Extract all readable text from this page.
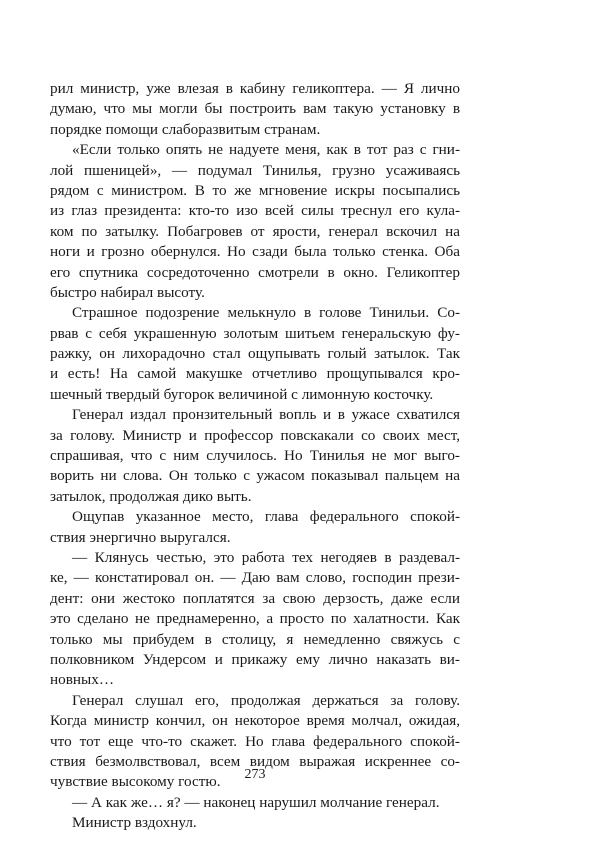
рил министр, уже влезая в кабину геликоптера. — Я лично
думаю, что мы могли бы построить вам такую установку в
порядке помощи слаборазвитым странам.
«Если только опять не надуете меня, как в тот раз с гни-
лой пшеницей», — подумал Тинилья, грузно усаживаясь
рядом с министром. В то же мгновение искры посыпались
из глаз президента: кто-то изо всей силы треснул его кула-
ком по затылку. Побагровев от ярости, генерал вскочил на
ноги и грозно обернулся. Но сзади была только стенка. Оба
его спутника сосредоточенно смотрели в окно. Геликоптер
быстро набирал высоту.
Страшное подозрение мелькнуло в голове Тинильи. Со-
рвав с себя украшенную золотым шитьем генеральскую фу-
ражку, он лихорадочно стал ощупывать голый затылок. Так
и есть! На самой макушке отчетливо прощупывался кро-
шечный твердый бугорок величиной с лимонную косточку.
Генерал издал пронзительный вопль и в ужасе схватился
за голову. Министр и профессор повскакали со своих мест,
спрашивая, что с ним случилось. Но Тинилья не мог выго-
ворить ни слова. Он только с ужасом показывал пальцем на
затылок, продолжая дико выть.
Ощупав указанное место, глава федерального спокой-
ствия энергично выругался.
— Клянусь честью, это работа тех негодяев в раздевал-
ке, — констатировал он. — Даю вам слово, господин прези-
дент: они жестоко поплатятся за свою дерзость, даже если
это сделано не преднамеренно, а просто по халатности. Как
только мы прибудем в столицу, я немедленно свяжусь с
полковником Ундерсом и прикажу ему лично наказать ви-
новных…
Генерал слушал его, продолжая держаться за голову.
Когда министр кончил, он некоторое время молчал, ожидая,
что тот еще что-то скажет. Но глава федерального спокой-
ствия безмолвствовал, всем видом выражая искреннее со-
чувствие высокому гостю.
— А как же… я? — наконец нарушил молчание генерал.
Министр вздохнул.
273
